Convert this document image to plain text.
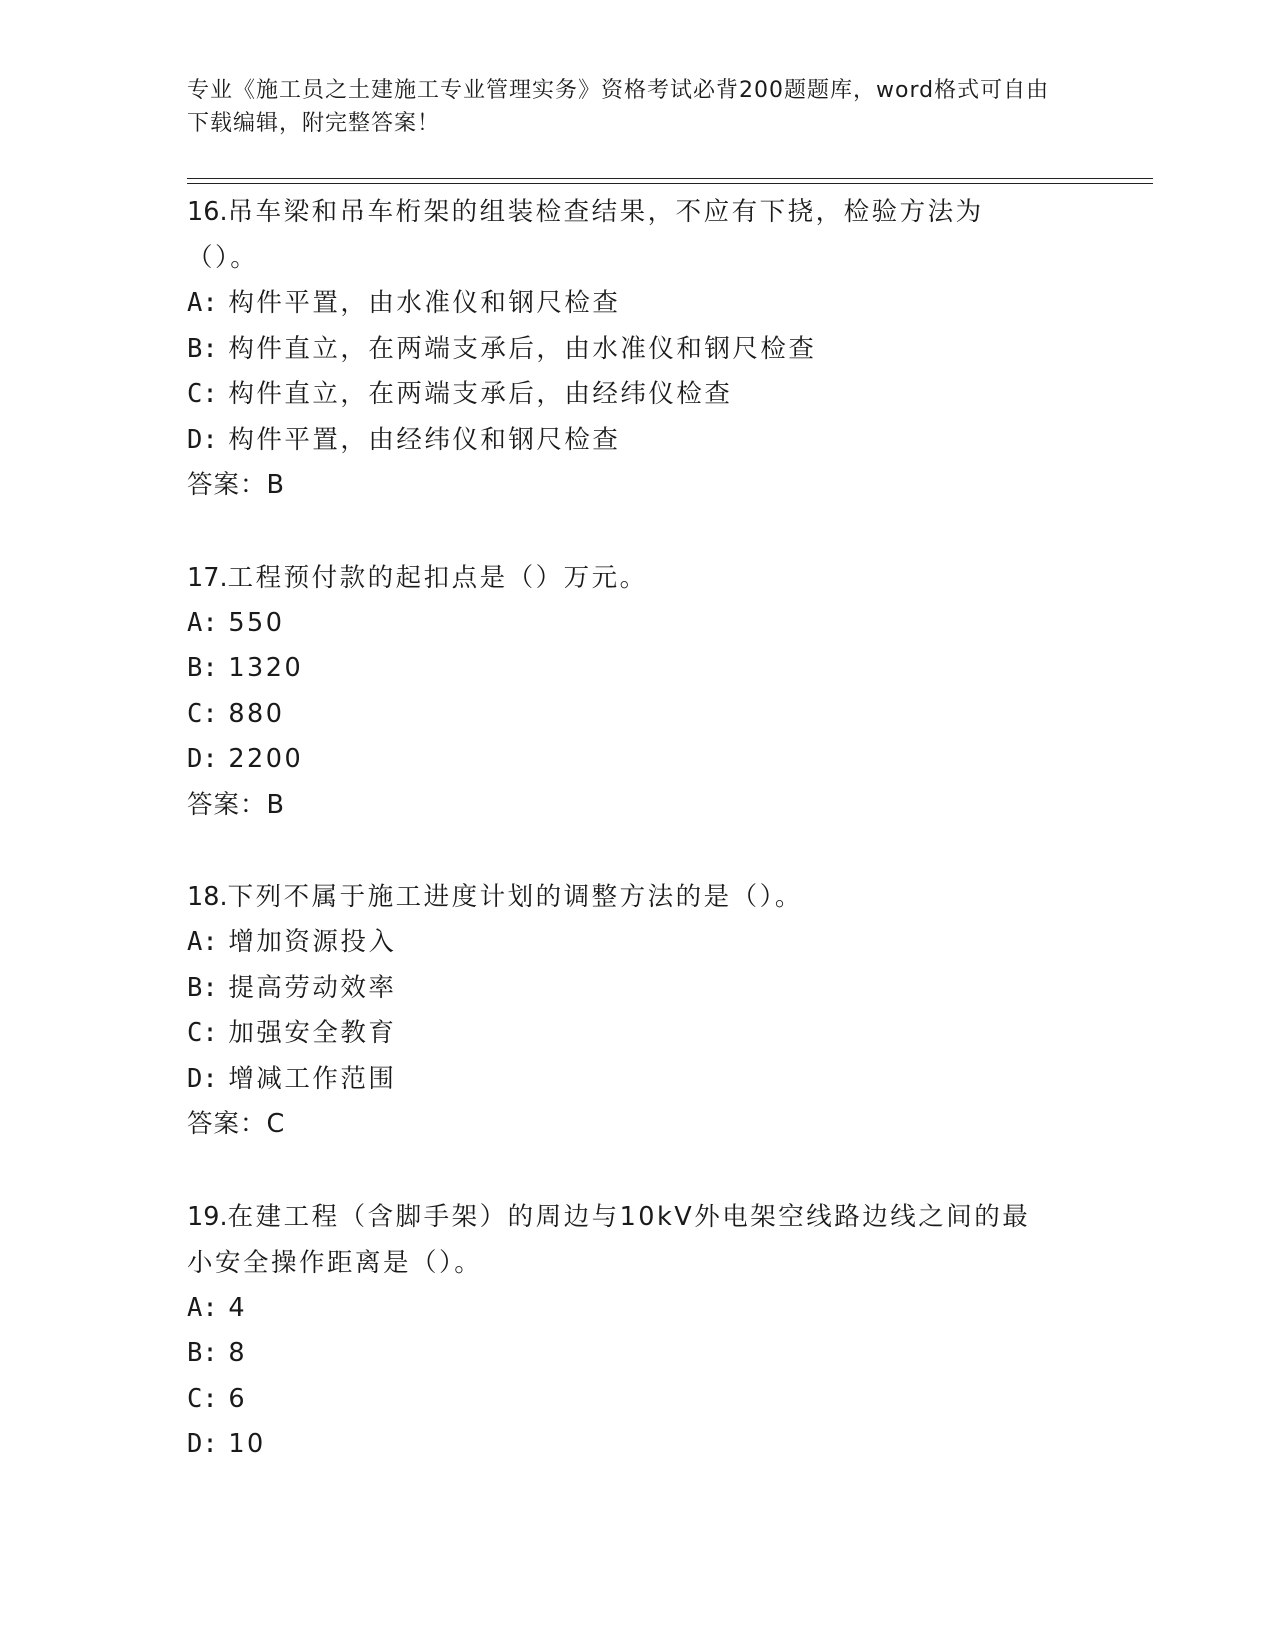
专业《施工员之土建施工专业管理实务》资格考试必背200题题库，word格式可自由下载编辑，附完整答案！
16.吊车梁和吊车桁架的组装检查结果，不应有下挠，检验方法为（）。
A: 构件平置，由水准仪和钢尺检查
B: 构件直立，在两端支承后，由水准仪和钢尺检查
C: 构件直立，在两端支承后，由经纬仪检查
D: 构件平置，由经纬仪和钢尺检查
答案：B
17.工程预付款的起扣点是（）万元。
A: 550
B: 1320
C: 880
D: 2200
答案：B
18.下列不属于施工进度计划的调整方法的是（）。
A: 增加资源投入
B: 提高劳动效率
C: 加强安全教育
D: 增减工作范围
答案：C
19.在建工程（含脚手架）的周边与10kV外电架空线路边线之间的最小安全操作距离是（）。
A: 4
B: 8
C: 6
D: 10
